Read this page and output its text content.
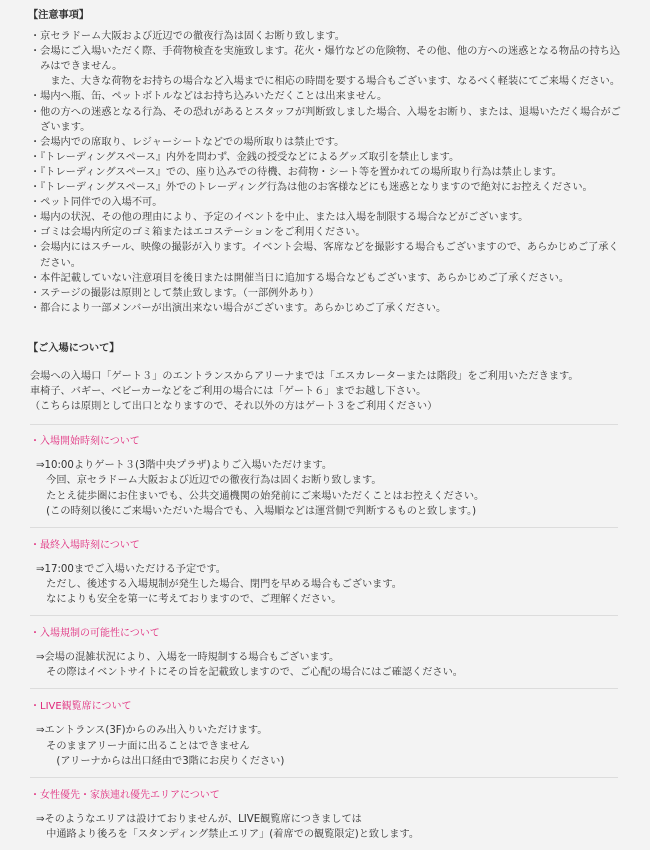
【注意事項】
・京セラドーム大阪および近辺での徹夜行為は固くお断り致します。
・会場にご入場いただく際、手荷物検査を実施致します。花火・爆竹などの危険物、その他、他の方への迷惑となる物品の持ち込
　みはできません。
　　また、大きな荷物をお持ちの場合など入場までに相応の時間を要する場合もございます、なるべく軽装にてご来場ください。
・場内へ瓶、缶、ペットボトルなどはお持ち込みいただくことは出来ません。
・他の方への迷惑となる行為、その恐れがあるとスタッフが判断致しました場合、入場をお断り、または、退場いただく場合がご
　ざいます。
・会場内での席取り、レジャーシートなどでの場所取りは禁止です。
・『トレーディングスペース』内外を問わず、金銭の授受などによるグッズ取引を禁止します。
・『トレーディングスペース』での、座り込みでの待機、お荷物・シート等を置かれての場所取り行為は禁止します。
・『トレーディングスペース』外でのトレーディング行為は他のお客様などにも迷惑となりますので絶対にお控えください。
・ペット同伴での入場不可。
・場内の状況、その他の理由により、予定のイベントを中止、または入場を制限する場合などがございます。
・ゴミは会場内所定のゴミ箱またはエコステーションをご利用ください。
・会場内にはスチール、映像の撮影が入ります。イベント会場、客席などを撮影する場合もございますので、あらかじめご了承く
　ださい。
・本件記載していない注意項目を後日または開催当日に追加する場合などもございます、あらかじめご了承ください。
・ステージの撮影は原則として禁止致します。（一部例外あり）
・都合により一部メンバーが出演出来ない場合がございます。あらかじめご了承ください。
【ご入場について】
会場への入場口「ゲート３」のエントランスからアリーナまでは「エスカレーターまたは階段」をご利用いただきます。
車椅子、バギー、ベビーカーなどをご利用の場合には「ゲート６」までお越し下さい。
（こちらは原則として出口となりますので、それ以外の方はゲート３をご利用ください）
・入場開始時刻について
⇒10:00よりゲート３(3階中央プラザ)よりご入場いただけます。
　今回、京セラドーム大阪および近辺での徹夜行為は固くお断り致します。
　たとえ徒歩圏にお住まいでも、公共交通機関の始発前にご来場いただくことはお控えください。
　(この時刻以後にご来場いただいた場合でも、入場順などは運営側で判断するものと致します。)
・最終入場時刻について
⇒17:00までご入場いただける予定です。
　ただし、後述する入場規制が発生した場合、閉門を早める場合もございます。
　なによりも安全を第一に考えておりますので、ご理解ください。
・入場規制の可能性について
⇒会場の混雑状況により、入場を一時規制する場合もございます。
　その際はイベントサイトにその旨を記載致しますので、ご心配の場合にはご確認ください。
・LIVE観覧席について
⇒エントランス(3F)からのみ出入りいただけます。
　そのままアリーナ面に出ることはできません
　　(アリーナからは出口経由で3階にお戻りください)
・女性優先・家族連れ優先エリアについて
⇒そのようなエリアは設けておりませんが、LIVE観覧席につきましては
　中通路より後ろを「スタンディング禁止エリア」(着席での観覧限定)と致します。
